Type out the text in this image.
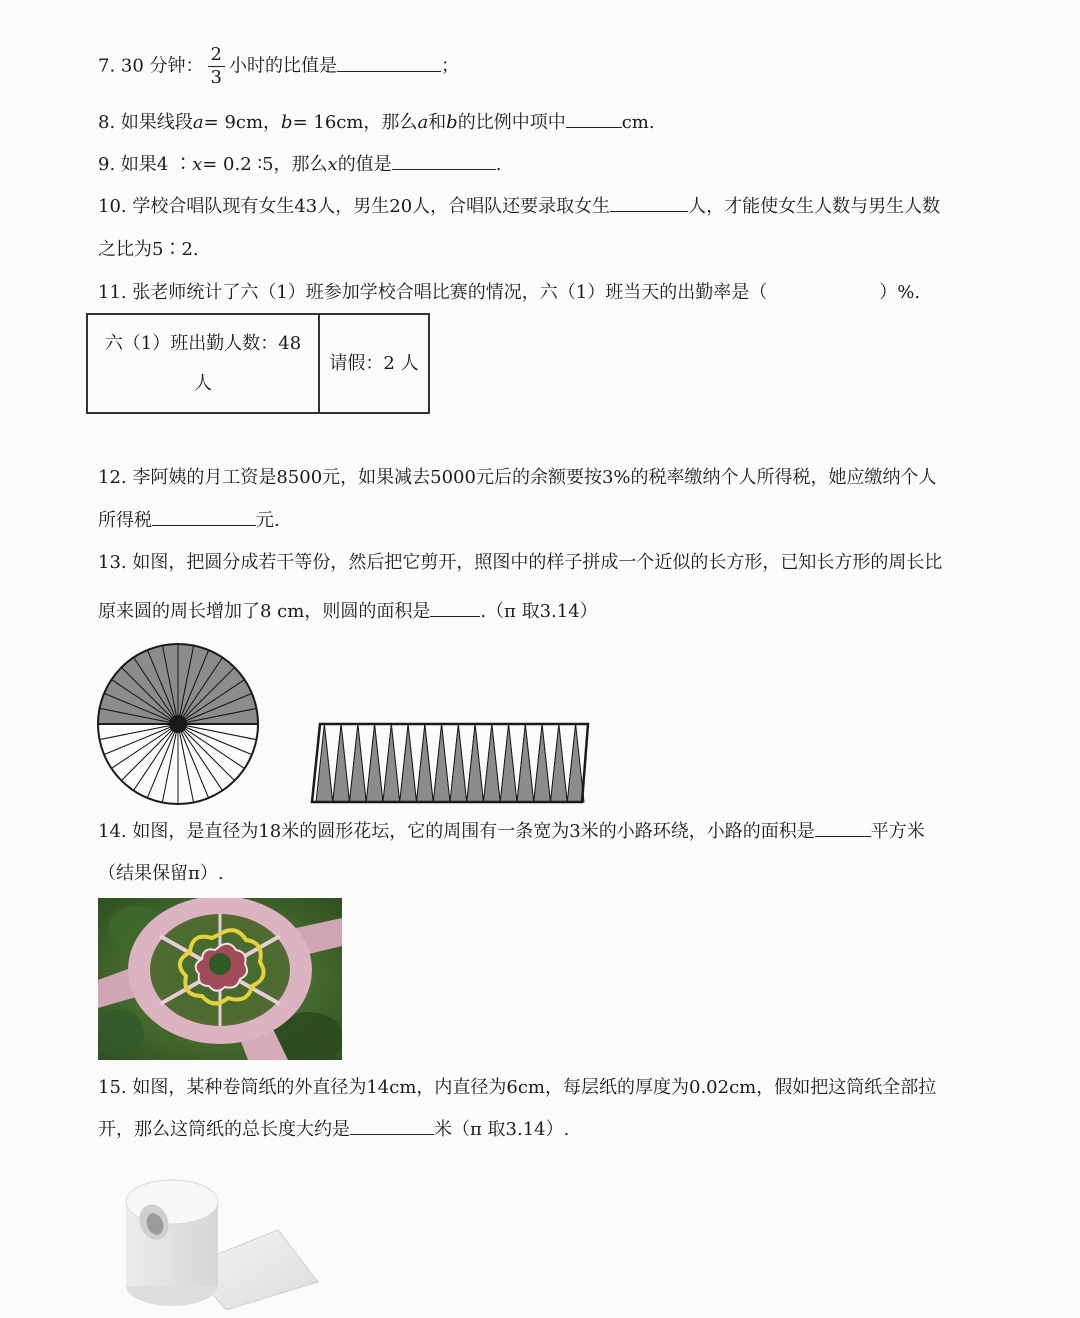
7. 30 分钟： $\frac{2}{3}$ 小时的比值是	；
8. 如果线段a= 9cm，b= 16cm，那么a和b的比例中项中	cm.
9. 如果4 ∶x= 0.2 ∶5，那么x的值是	.
10. 学校合唱队现有女生43人，男生20人，合唱队还要录取女生	人，才能使女生人数与男生人数
之比为5∶2.
11. 张老师统计了六（1）班参加学校合唱比赛的情况，六（1）班当天的出勤率是（	）%.
六（1）班出勤人数：48
人
	请假：2 人
12. 李阿姨的月工资是8500元，如果减去5000元后的余额要按3%的税率缴纳个人所得税，她应缴纳个人
所得税	元.
13. 如图，把圆分成若干等份，然后把它剪开，照图中的样子拼成一个近似的长方形，已知长方形的周长比
原来圆的周长增加了8 cm，则圆的面积是	.（π 取3.14）
14. 如图，是直径为18米的圆形花坛，它的周围有一条宽为3米的小路环绕，小路的面积是	平方米
（结果保留π）.
15. 如图，某种卷筒纸的外直径为14cm，内直径为6cm，每层纸的厚度为0.02cm，假如把这筒纸全部拉
开，那么这筒纸的总长度大约是	米（π 取3.14）.
